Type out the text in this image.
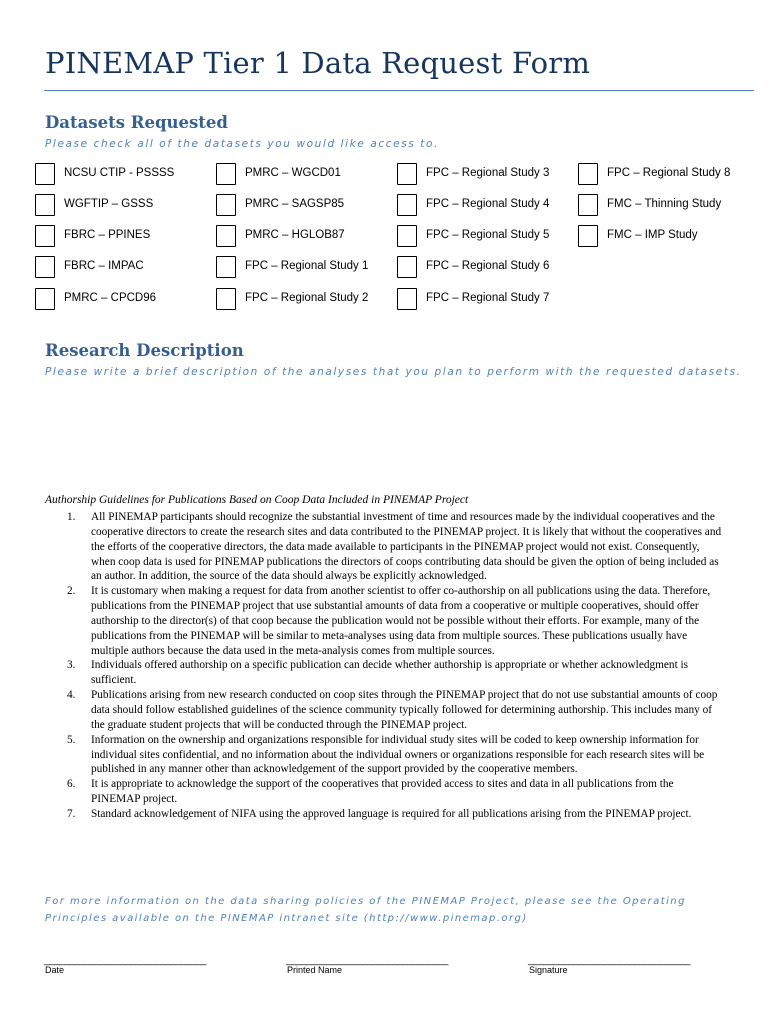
PINEMAP Tier 1 Data Request Form
Datasets Requested
Please check all of the datasets you would like access to.
NCSU CTIP - PSSSS
WGFTIP – GSSS
FBRC – PPINES
FBRC – IMPAC
PMRC – CPCD96
PMRC – WGCD01
PMRC – SAGSP85
PMRC – HGLOB87
FPC – Regional Study 1
FPC – Regional Study 2
FPC – Regional Study 3
FPC – Regional Study 4
FPC – Regional Study 5
FPC – Regional Study 6
FPC – Regional Study 7
FPC – Regional Study 8
FMC – Thinning Study
FMC – IMP Study
Research Description
Please write a brief description of the analyses that you plan to perform with the requested datasets.
Authorship Guidelines for Publications Based on Coop Data Included in PINEMAP Project
1. All PINEMAP participants should recognize the substantial investment of time and resources made by the individual cooperatives and the cooperative directors to create the research sites and data contributed to the PINEMAP project. It is likely that without the cooperatives and the efforts of the cooperative directors, the data made available to participants in the PINEMAP project would not exist. Consequently, when coop data is used for PINEMAP publications the directors of coops contributing data should be given the option of being included as an author. In addition, the source of the data should always be explicitly acknowledged.
2. It is customary when making a request for data from another scientist to offer co-authorship on all publications using the data. Therefore, publications from the PINEMAP project that use substantial amounts of data from a cooperative or multiple cooperatives, should offer authorship to the director(s) of that coop because the publication would not be possible without their efforts. For example, many of the publications from the PINEMAP will be similar to meta-analyses using data from multiple sources. These publications usually have multiple authors because the data used in the meta-analysis comes from multiple sources.
3. Individuals offered authorship on a specific publication can decide whether authorship is appropriate or whether acknowledgment is sufficient.
4. Publications arising from new research conducted on coop sites through the PINEMAP project that do not use substantial amounts of coop data should follow established guidelines of the science community typically followed for determining authorship. This includes many of the graduate student projects that will be conducted through the PINEMAP project.
5. Information on the ownership and organizations responsible for individual study sites will be coded to keep ownership information for individual sites confidential, and no information about the individual owners or organizations responsible for each research sites will be published in any manner other than acknowledgement of the support provided by the cooperative members.
6. It is appropriate to acknowledge the support of the cooperatives that provided access to sites and data in all publications from the PINEMAP project.
7. Standard acknowledgement of NIFA using the approved language is required for all publications arising from the PINEMAP project.
For more information on the data sharing policies of the PINEMAP Project, please see the Operating Principles available on the PINEMAP intranet site (http://www.pinemap.org)
________________________________	________________________________	________________________________
Date	Printed Name	Signature
